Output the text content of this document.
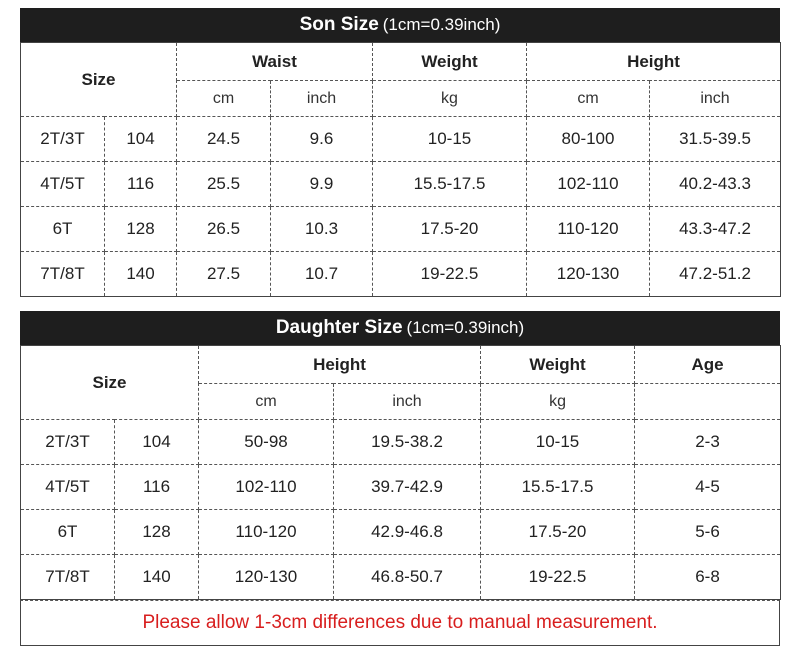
Son Size (1cm=0.39inch)
Size		Waist		Weight	Height	
		cm	inch	kg	cm	inch
2T/3T	104	24.5	9.6	10-15	80-100	31.5-39.5
4T/5T	116	25.5	9.9	15.5-17.5	102-110	40.2-43.3
6T	128	26.5	10.3	17.5-20	110-120	43.3-47.2
7T/8T	140	27.5	10.7	19-22.5	120-130	47.2-51.2
Daughter Size (1cm=0.39inch)
Size		Height		Weight	Age
		cm	inch	kg	
2T/3T	104	50-98	19.5-38.2	10-15	2-3
4T/5T	116	102-110	39.7-42.9	15.5-17.5	4-5
6T	128	110-120	42.9-46.8	17.5-20	5-6
7T/8T	140	120-130	46.8-50.7	19-22.5	6-8
Please allow 1-3cm differences due to manual measurement.
